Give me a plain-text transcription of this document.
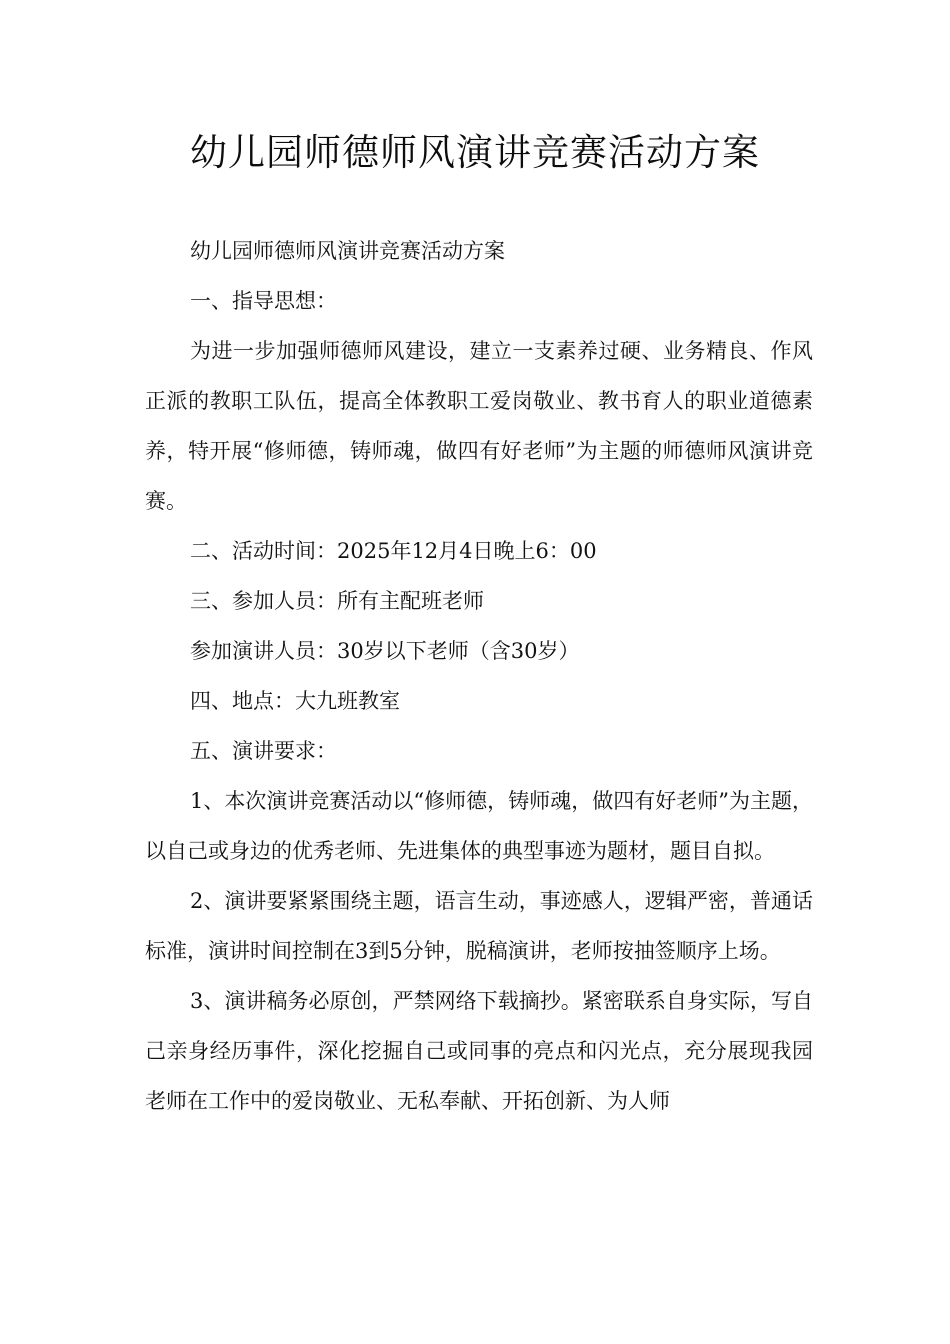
幼儿园师德师风演讲竞赛活动方案

幼儿园师德师风演讲竞赛活动方案

一、指导思想：

为进一步加强师德师风建设，建立一支素养过硬、业务精良、作风正派的教职工队伍，提高全体教职工爱岗敬业、教书育人的职业道德素养，特开展“修师德，铸师魂，做四有好老师”为主题的师德师风演讲竞赛。

二、活动时间：2025年12月4日晚上6：00

三、参加人员：所有主配班老师

参加演讲人员：30岁以下老师（含30岁）

四、地点：大九班教室

五、演讲要求：

1、本次演讲竞赛活动以“修师德，铸师魂，做四有好老师”为主题，以自己或身边的优秀老师、先进集体的典型事迹为题材，题目自拟。

2、演讲要紧紧围绕主题，语言生动，事迹感人，逻辑严密，普通话标准，演讲时间控制在3到5分钟，脱稿演讲，老师按抽签顺序上场。

3、演讲稿务必原创，严禁网络下载摘抄。紧密联系自身实际，写自己亲身经历事件，深化挖掘自己或同事的亮点和闪光点，充分展现我园老师在工作中的爱岗敬业、无私奉献、开拓创新、为人师
